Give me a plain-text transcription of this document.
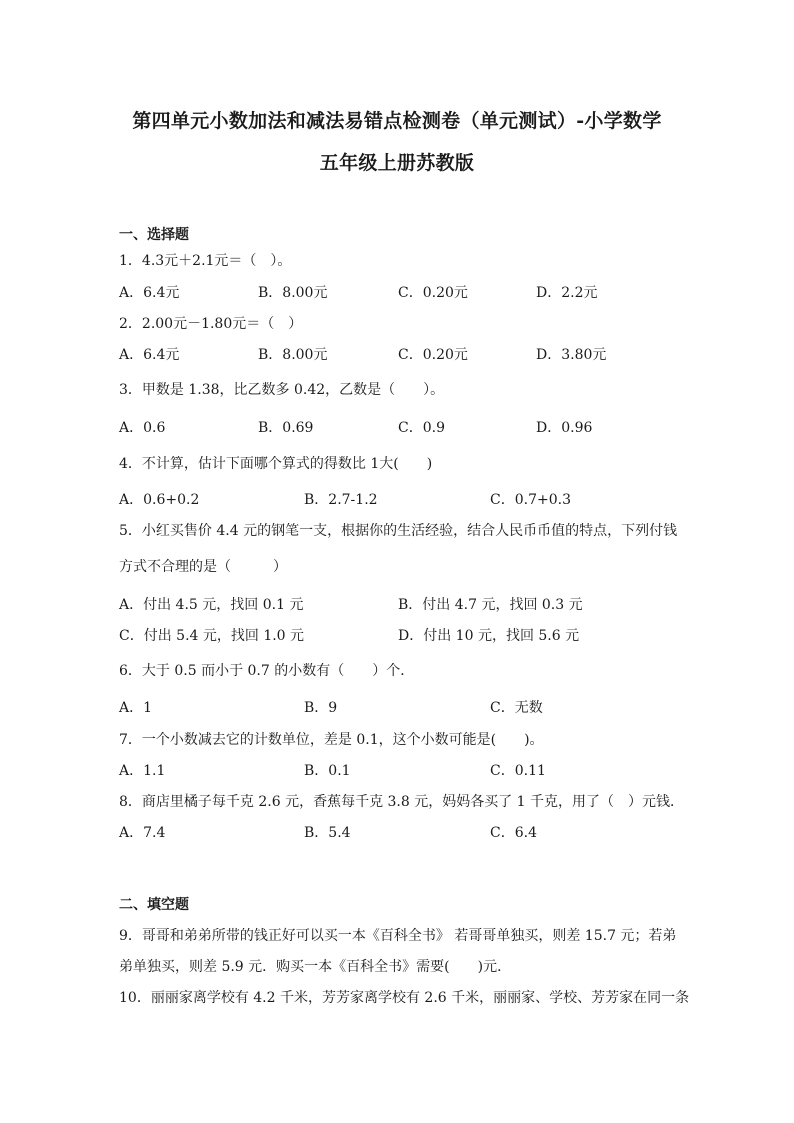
第四单元小数加法和减法易错点检测卷（单元测试）-小学数学
五年级上册苏教版
一、选择题
1．4.3元＋2.1元＝（　）。
A．6.4元	B．8.00元	C．0.20元	D．2.2元
2．2.00元－1.80元＝（　）
A．6.4元	B．8.00元	C．0.20元	D．3.80元
3．甲数是 1.38，比乙数多 0.42，乙数是（　　）。
A．0.6	B．0.69	C．0.9	D．0.96
4．不计算，估计下面哪个算式的得数比 1大(　　)
A．0.6+0.2	B．2.7-1.2	C．0.7+0.3
5．小红买售价 4.4 元的钢笔一支，根据你的生活经验，结合人民币币值的特点，下列付钱
方式不合理的是（　　　）
A．付出 4.5 元，找回 0.1 元	B．付出 4.7 元，找回 0.3 元
C．付出 5.4 元，找回 1.0 元	D．付出 10 元，找回 5.6 元
6．大于 0.5 而小于 0.7 的小数有（　　）个．
A．1	B．9	C．无数
7．一个小数减去它的计数单位，差是 0.1，这个小数可能是(　　)。
A．1.1	B．0.1	C．0.11
8．商店里橘子每千克 2.6 元，香蕉每千克 3.8 元，妈妈各买了 1 千克，用了（　）元钱．
A．7.4	B．5.4	C．6.4
二、填空题
9．哥哥和弟弟所带的钱正好可以买一本《百科全书》 若哥哥单独买，则差 15.7 元；若弟
弟单独买，则差 5.9 元．购买一本《百科全书》需要(　　)元．
10．丽丽家离学校有 4.2 千米，芳芳家离学校有 2.6 千米，丽丽家、学校、芳芳家在同一条
